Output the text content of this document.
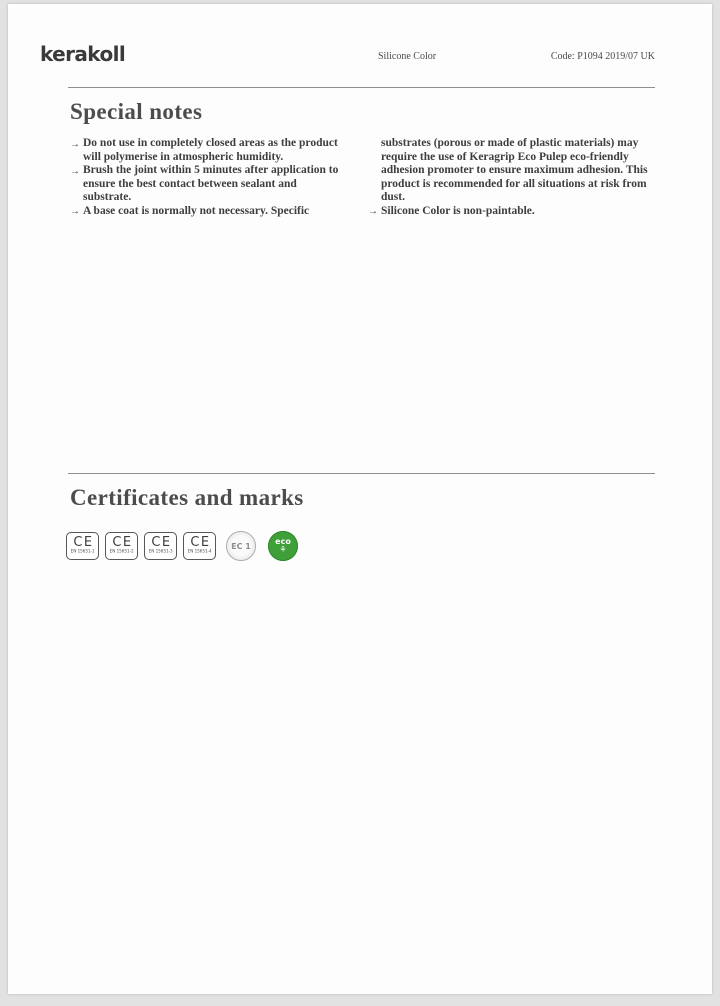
kerakoll	Silicone Color	Code: P1094 2019/07 UK
Special notes
→ Do not use in completely closed areas as the product will polymerise in atmospheric humidity.
→ Brush the joint within 5 minutes after application to ensure the best contact between sealant and substrate.
→ A base coat is normally not necessary. Specific
substrates (porous or made of plastic materials) may require the use of Keragrip Eco Pulep eco-friendly adhesion promoter to ensure maximum adhesion. This product is recommended for all situations at risk from dust.
→ Silicone Color is non-paintable.
Certificates and marks
CE
EN 15651-1
CE
EN 15651-2
CE
EN 15651-3
CE
EN 15651-4
EC 1
eco
⚘
